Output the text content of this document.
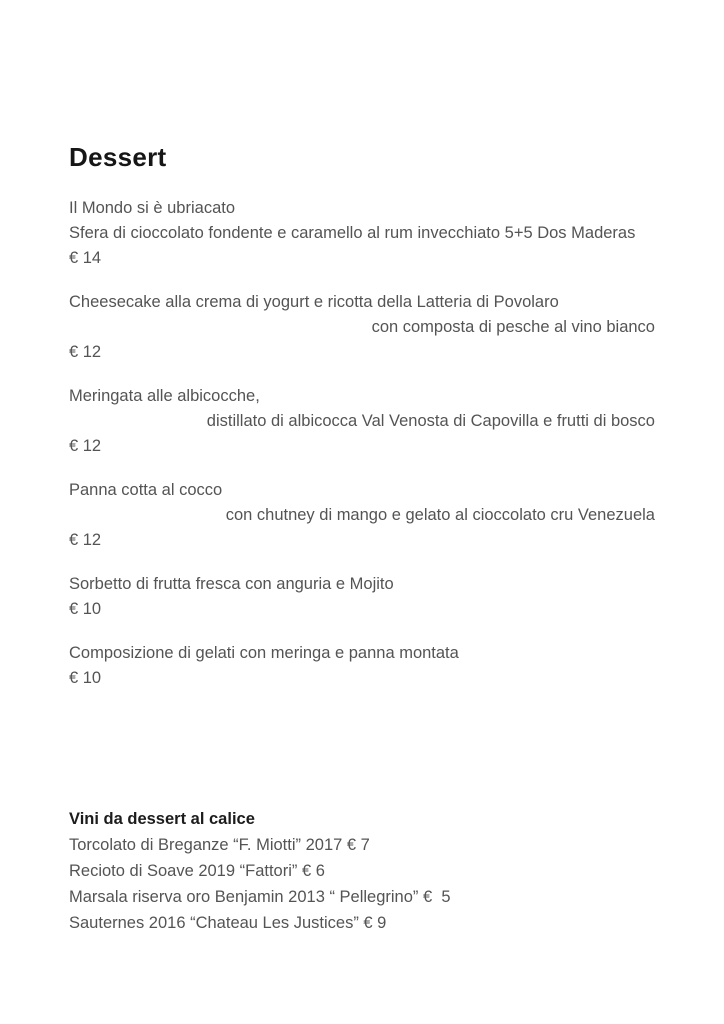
Dessert
Il Mondo si è ubriacato
Sfera di cioccolato fondente e caramello al rum invecchiato 5+5 Dos Maderas
€ 14
Cheesecake alla crema di yogurt e ricotta della Latteria di Povolaro
con composta di pesche al vino bianco
€ 12
Meringata alle albicocche,
distillato di albicocca Val Venosta di Capovilla e frutti di bosco
€ 12
Panna cotta al cocco
con chutney di mango e gelato al cioccolato cru Venezuela
€ 12
Sorbetto di frutta fresca con anguria e Mojito
€ 10
Composizione di gelati con meringa e panna montata
€ 10
Vini da dessert al calice
Torcolato di Breganze “F. Miotti” 2017 € 7
Recioto di Soave 2019 “Fattori” € 6
Marsala riserva oro Benjamin 2013 “ Pellegrino” €  5
Sauternes 2016 “Chateau Les Justices” € 9
